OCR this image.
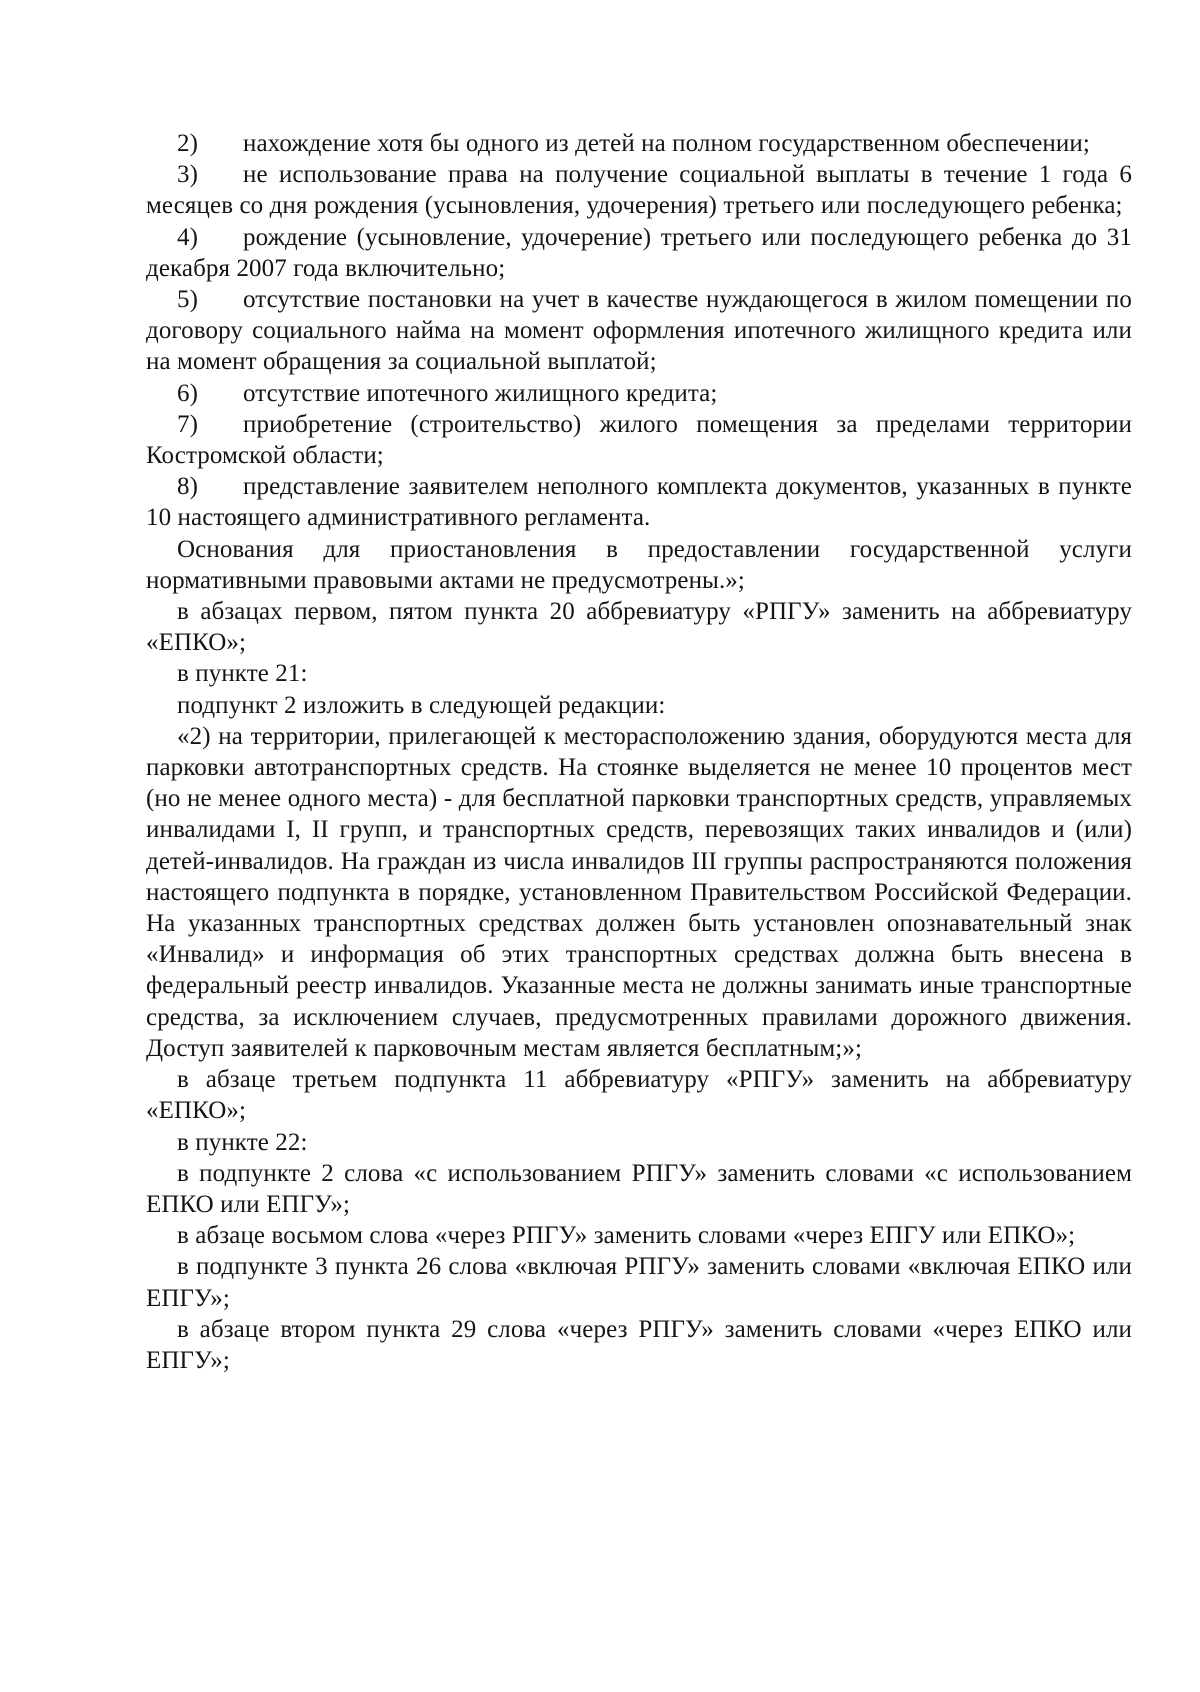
2) нахождение хотя бы одного из детей на полном государственном обеспечении;

3) не использование права на получение социальной выплаты в течение 1 года 6 месяцев со дня рождения (усыновления, удочерения) третьего или последующего ребенка;

4) рождение (усыновление, удочерение) третьего или последующего ребенка до 31 декабря 2007 года включительно;

5) отсутствие постановки на учет в качестве нуждающегося в жилом помещении по договору социального найма на момент оформления ипотечного жилищного кредита или на момент обращения за социальной выплатой;

6) отсутствие ипотечного жилищного кредита;

7) приобретение (строительство) жилого помещения за пределами территории Костромской области;

8) представление заявителем неполного комплекта документов, указанных в пункте 10 настоящего административного регламента.

Основания для приостановления в предоставлении государственной услуги нормативными правовыми актами не предусмотрены.»;

в абзацах первом, пятом пункта 20 аббревиатуру «РПГУ» заменить на аббревиатуру «ЕПКО»;

в пункте 21:

подпункт 2 изложить в следующей редакции:

«2) на территории, прилегающей к месторасположению здания, оборудуются места для парковки автотранспортных средств. На стоянке выделяется не менее 10 процентов мест (но не менее одного места) - для бесплатной парковки транспортных средств, управляемых инвалидами I, II групп, и транспортных средств, перевозящих таких инвалидов и (или) детей-инвалидов. На граждан из числа инвалидов III группы распространяются положения настоящего подпункта в порядке, установленном Правительством Российской Федерации. На указанных транспортных средствах должен быть установлен опознавательный знак «Инвалид» и информация об этих транспортных средствах должна быть внесена в федеральный реестр инвалидов. Указанные места не должны занимать иные транспортные средства, за исключением случаев, предусмотренных правилами дорожного движения. Доступ заявителей к парковочным местам является бесплатным;»;

в абзаце третьем подпункта 11 аббревиатуру «РПГУ» заменить на аббревиатуру «ЕПКО»;

в пункте 22:

в подпункте 2 слова «с использованием РПГУ» заменить словами «с использованием ЕПКО или ЕПГУ»;

в абзаце восьмом слова «через РПГУ» заменить словами «через ЕПГУ или ЕПКО»;

в подпункте 3 пункта 26 слова «включая РПГУ» заменить словами «включая ЕПКО или ЕПГУ»;

в абзаце втором пункта 29 слова «через РПГУ» заменить словами «через ЕПКО или ЕПГУ»;
